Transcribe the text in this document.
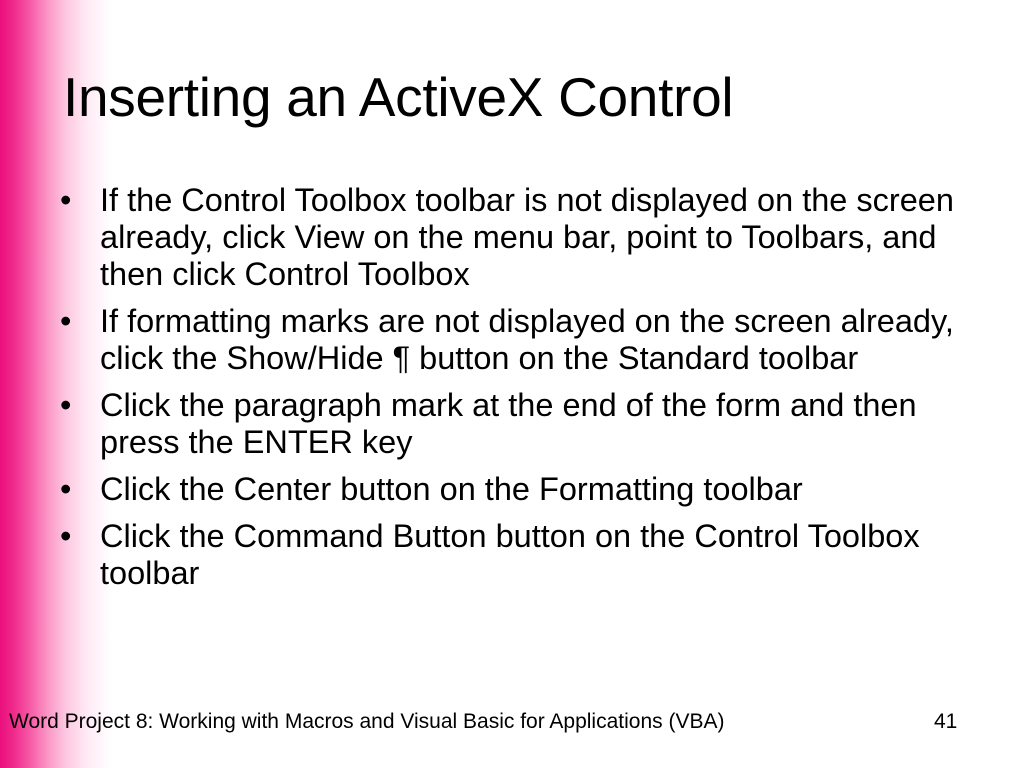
Inserting an ActiveX Control
• If the Control Toolbox toolbar is not displayed on the screen already, click View on the menu bar, point to Toolbars, and then click Control Toolbox
• If formatting marks are not displayed on the screen already, click the Show/Hide ¶ button on the Standard toolbar
• Click the paragraph mark at the end of the form and then press the ENTER key
• Click the Center button on the Formatting toolbar
• Click the Command Button button on the Control Toolbox toolbar
Word Project 8: Working with Macros and Visual Basic for Applications (VBA)	41
